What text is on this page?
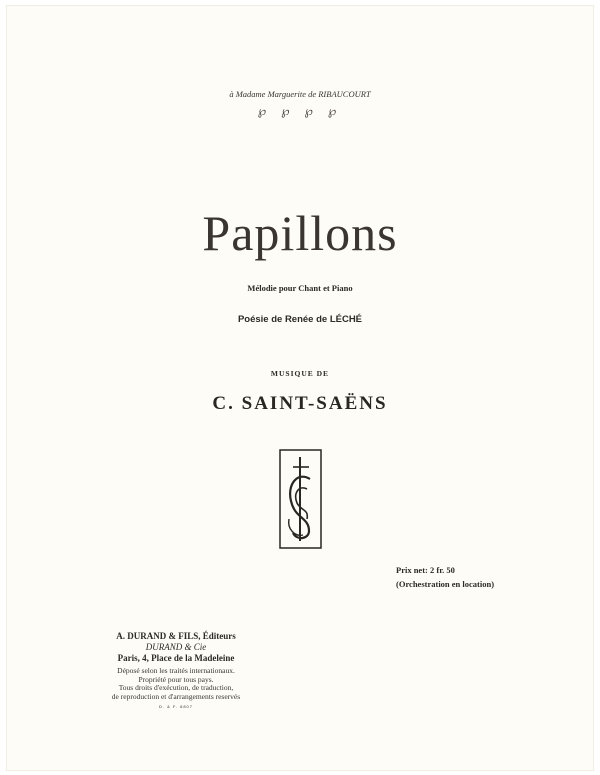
à Madame Marguerite de RIBAUCOURT
℘ ℘ ℘ ℘
Papillons
Mélodie pour Chant et Piano
Poésie de Renée de LÉCHÉ
MUSIQUE DE
C. SAINT-SAËNS
Prix net: 2 fr. 50
(Orchestration en location)
A. DURAND & FILS, Éditeurs
DURAND & Cie
Paris, 4, Place de la Madeleine
Déposé selon les traités internationaux.
Propriété pour tous pays.
Tous droits d'exécution, de traduction,
de reproduction et d'arrangements reservés
D. & F. 8807
